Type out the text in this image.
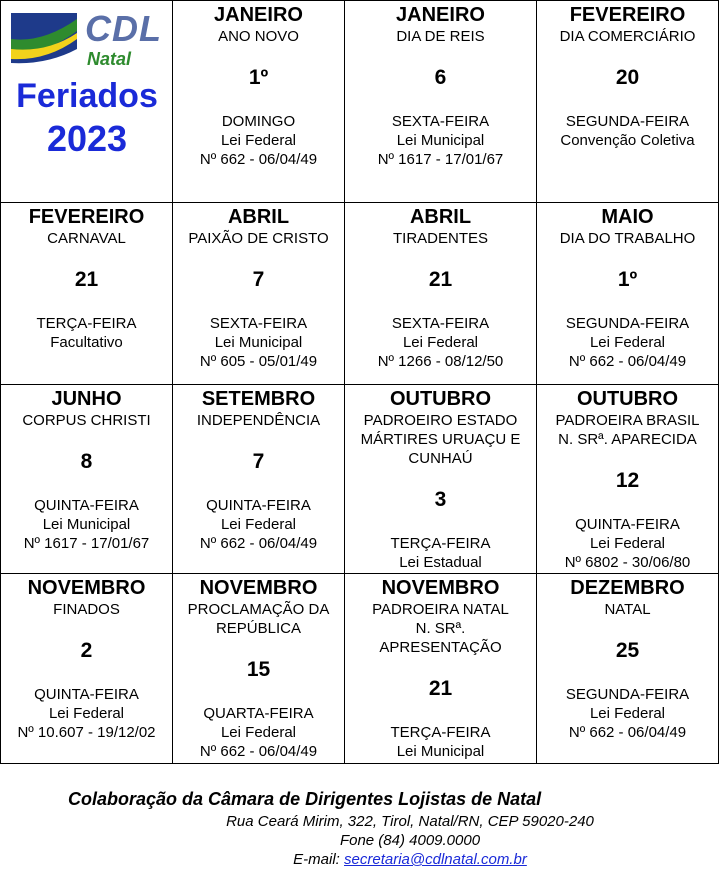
CDL
Natal
Feriados
2023
JANEIRO
ANO NOVO
1º
DOMINGO
Lei Federal
Nº 662 - 06/04/49
JANEIRO
DIA DE REIS
6
SEXTA-FEIRA
Lei Municipal
Nº 1617 - 17/01/67
FEVEREIRO
DIA COMERCIÁRIO
20
SEGUNDA-FEIRA
Convenção Coletiva
FEVEREIRO
CARNAVAL
21
TERÇA-FEIRA
Facultativo
ABRIL
PAIXÃO DE CRISTO
7
SEXTA-FEIRA
Lei Municipal
Nº 605 - 05/01/49
ABRIL
TIRADENTES
21
SEXTA-FEIRA
Lei Federal
Nº 1266 - 08/12/50
MAIO
DIA DO TRABALHO
1º
SEGUNDA-FEIRA
Lei Federal
Nº 662 - 06/04/49
JUNHO
CORPUS CHRISTI
8
QUINTA-FEIRA
Lei Municipal
Nº 1617 - 17/01/67
SETEMBRO
INDEPENDÊNCIA
7
QUINTA-FEIRA
Lei Federal
Nº 662 - 06/04/49
OUTUBRO
PADROEIRO ESTADO
MÁRTIRES URUAÇU E
CUNHAÚ
3
TERÇA-FEIRA
Lei Estadual
OUTUBRO
PADROEIRA BRASIL
N. SRª. APARECIDA
12
QUINTA-FEIRA
Lei Federal
Nº 6802 - 30/06/80
NOVEMBRO
FINADOS
2
QUINTA-FEIRA
Lei Federal
Nº 10.607 - 19/12/02
NOVEMBRO
PROCLAMAÇÃO DA
REPÚBLICA
15
QUARTA-FEIRA
Lei Federal
Nº 662 - 06/04/49
NOVEMBRO
PADROEIRA NATAL
N. SRª.
APRESENTAÇÃO
21
TERÇA-FEIRA
Lei Municipal
DEZEMBRO
NATAL
25
SEGUNDA-FEIRA
Lei Federal
Nº 662 - 06/04/49
Colaboração da Câmara de Dirigentes Lojistas de Natal
Rua Ceará Mirim, 322, Tirol, Natal/RN, CEP 59020-240
Fone (84) 4009.0000
E-mail: secretaria@cdlnatal.com.br
